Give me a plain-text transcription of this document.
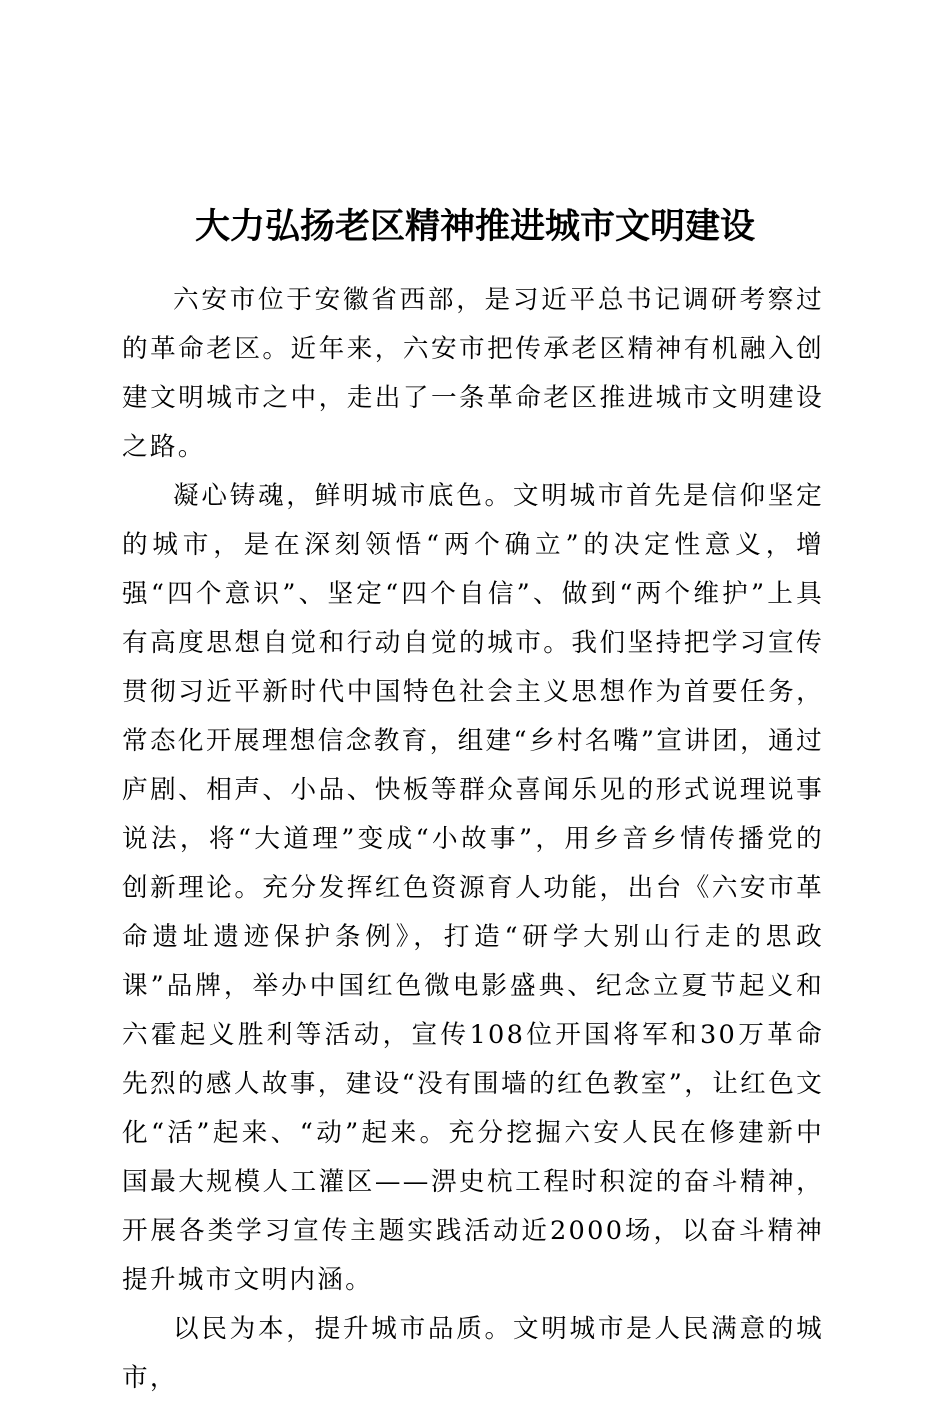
大力弘扬老区精神推进城市文明建设

六安市位于安徽省西部，是习近平总书记调研考察过的革命老区。近年来，六安市把传承老区精神有机融入创建文明城市之中，走出了一条革命老区推进城市文明建设之路。

凝心铸魂，鲜明城市底色。文明城市首先是信仰坚定的城市，是在深刻领悟“两个确立”的决定性意义，增强“四个意识”、坚定“四个自信”、做到“两个维护”上具有高度思想自觉和行动自觉的城市。我们坚持把学习宣传贯彻习近平新时代中国特色社会主义思想作为首要任务，常态化开展理想信念教育，组建“乡村名嘴”宣讲团，通过庐剧、相声、小品、快板等群众喜闻乐见的形式说理说事说法，将“大道理”变成“小故事”，用乡音乡情传播党的创新理论。充分发挥红色资源育人功能，出台《六安市革命遗址遗迹保护条例》，打造“研学大别山行走的思政课”品牌，举办中国红色微电影盛典、纪念立夏节起义和六霍起义胜利等活动，宣传108位开国将军和30万革命先烈的感人故事，建设“没有围墙的红色教室”，让红色文化“活”起来、“动”起来。充分挖掘六安人民在修建新中国最大规模人工灌区——淠史杭工程时积淀的奋斗精神，开展各类学习宣传主题实践活动近2000场，以奋斗精神提升城市文明内涵。

以民为本，提升城市品质。文明城市是人民满意的城市，
